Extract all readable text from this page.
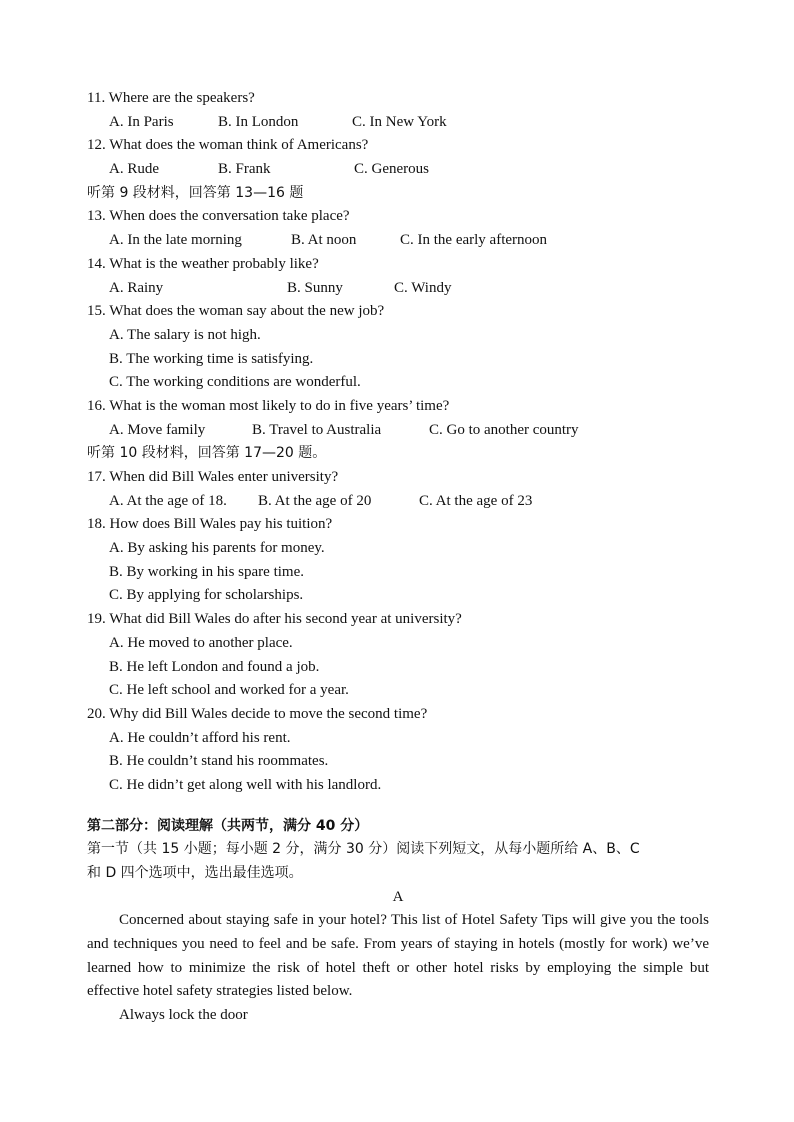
11. Where are the speakers?
A. In Paris	B. In London	C. In New York
12. What does the woman think of Americans?
A. Rude	B. Frank	C. Generous
听第 9 段材料，回答第 13—16 题
13. When does the conversation take place?
A. In the late morning	B. At noon	C. In the early afternoon
14. What is the weather probably like?
A. Rainy	B. Sunny	C. Windy
15. What does the woman say about the new job?
A. The salary is not high.
B. The working time is satisfying.
C. The working conditions are wonderful.
16. What is the woman most likely to do in five years’ time?
A. Move family	B. Travel to Australia	C. Go to another country
听第 10 段材料，回答第 17—20 题。
17. When did Bill Wales enter university?
A. At the age of 18. B. At the age of 20	C. At the age of 23
18. How does Bill Wales pay his tuition?
A. By asking his parents for money.
B. By working in his spare time.
C. By applying for scholarships.
19. What did Bill Wales do after his second year at university?
A. He moved to another place.
B. He left London and found a job.
C. He left school and worked for a year.
20. Why did Bill Wales decide to move the second time?
A. He couldn’t afford his rent.
B. He couldn’t stand his roommates.
C. He didn’t get along well with his landlord.
第二部分：阅读理解（共两节，满分 40 分）
第一节（共 15 小题；每小题 2 分，满分 30 分）阅读下列短文，从每小题所给 A、B、C
和 D 四个选项中，选出最佳选项。
A
Concerned about staying safe in your hotel? This list of Hotel Safety Tips will give you the tools and techniques you need to feel and be safe. From years of staying in hotels (mostly for work) we’ve learned how to minimize the risk of hotel theft or other hotel risks by employing the simple but effective hotel safety strategies listed below.
Always lock the door
